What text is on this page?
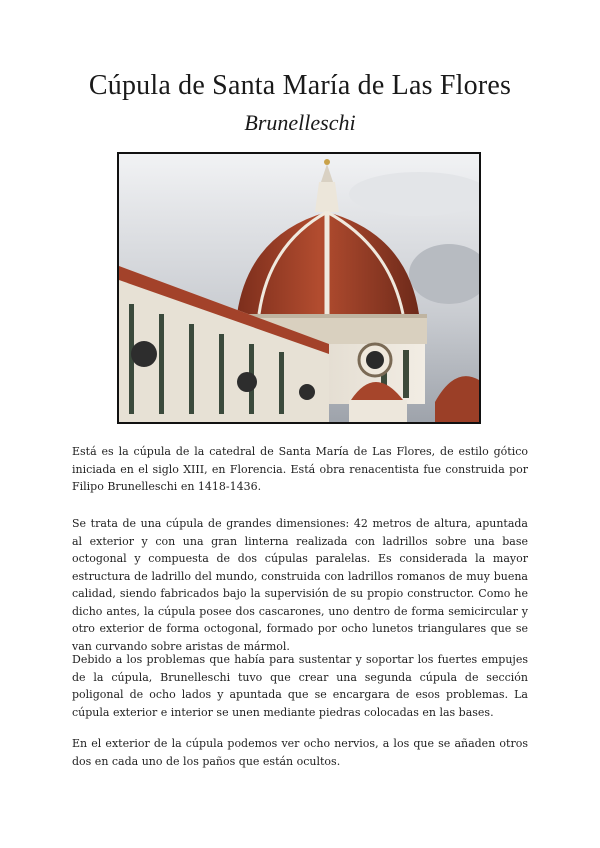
Cúpula de Santa María de Las Flores
Brunelleschi

Está es la cúpula de la catedral de Santa María de Las Flores, de estilo gótico iniciada en el siglo XIII, en Florencia. Está obra renacentista fue construida por Filipo Brunelleschi en 1418-1436.

Se trata de una cúpula de grandes dimensiones: 42 metros de altura, apuntada al exterior y con una gran linterna realizada con ladrillos sobre una base octogonal y compuesta de dos cúpulas paralelas. Es considerada la mayor estructura de ladrillo del mundo, construida con ladrillos romanos de muy buena calidad, siendo fabricados bajo la supervisión de su propio constructor. Como he dicho antes, la cúpula posee dos cascarones, uno dentro de forma semicircular y otro exterior de forma octogonal, formado por ocho lunetos triangulares que se van curvando sobre aristas de mármol.

Debido a los problemas que había para sustentar y soportar los fuertes empujes de la cúpula, Brunelleschi tuvo que crear una segunda cúpula de sección poligonal de ocho lados y apuntada que se encargara de esos problemas. La cúpula exterior e interior se unen mediante piedras colocadas en las bases.

En el exterior de la cúpula podemos ver ocho nervios, a los que se añaden otros dos en cada uno de los paños que están ocultos.
